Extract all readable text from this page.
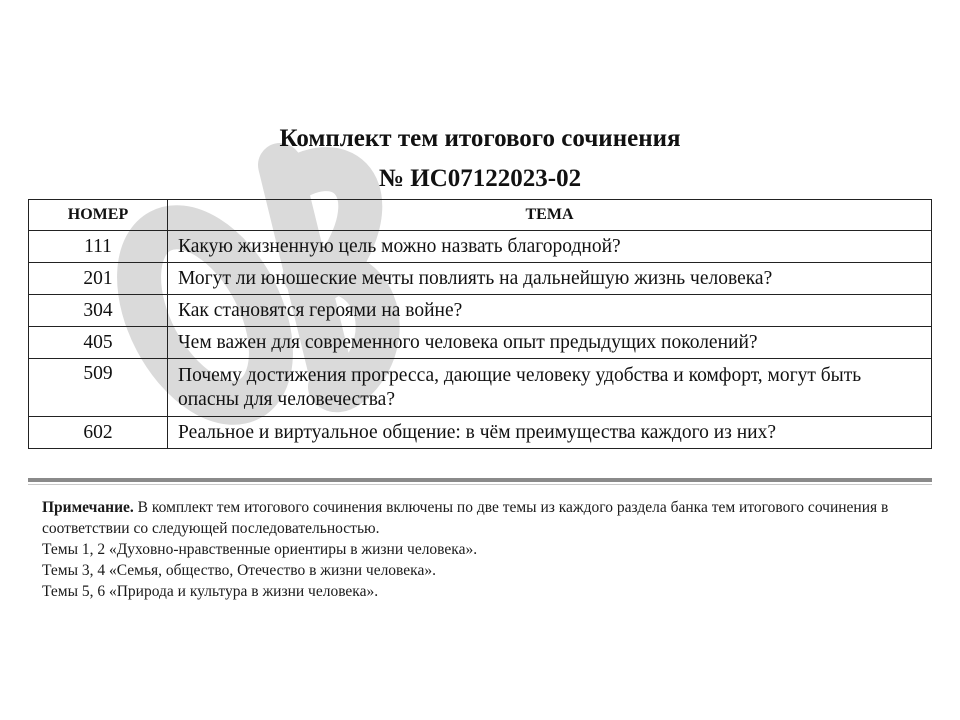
Комплект тем итогового сочинения
№ ИС07122023-02
НОМЕР	ТЕМА
111	Какую жизненную цель можно назвать благородной?
201	Могут ли юношеские мечты повлиять на дальнейшую жизнь человека?
304	Как становятся героями на войне?
405	Чем важен для современного человека опыт предыдущих поколений?
509	Почему достижения прогресса, дающие человеку удобства и комфорт, могут быть опасны для человечества?
602	Реальное и виртуальное общение: в чём преимущества каждого из них?

Примечание. В комплект тем итогового сочинения включены по две темы из каждого раздела банка тем итогового сочинения в соответствии со следующей последовательностью.

Темы 1, 2 «Духовно-нравственные ориентиры в жизни человека».

Темы 3, 4 «Семья, общество, Отечество в жизни человека».

Темы 5, 6 «Природа и культура в жизни человека».
